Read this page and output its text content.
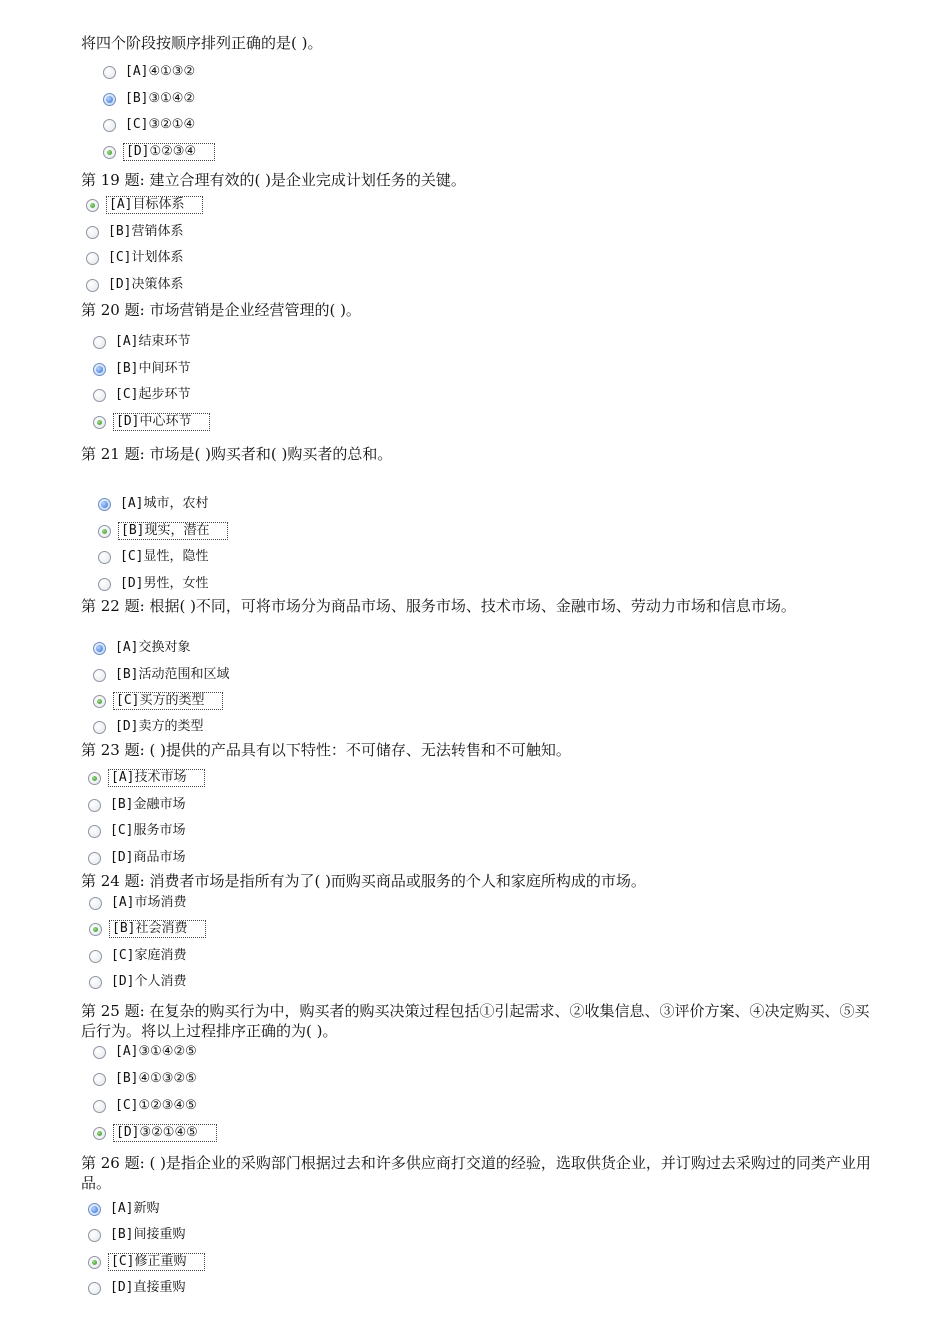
将四个阶段按顺序排列正确的是( )。
[A]④①③②
[B]③①④②
[C]③②①④
[D]①②③④
第 19 题: 建立合理有效的( )是企业完成计划任务的关键。
[A]目标体系
[B]营销体系
[C]计划体系
[D]决策体系
第 20 题: 市场营销是企业经营管理的( )。
[A]结束环节
[B]中间环节
[C]起步环节
[D]中心环节
第 21 题: 市场是( )购买者和( )购买者的总和。
[A]城市，农村
[B]现实，潜在
[C]显性，隐性
[D]男性，女性
第 22 题: 根据( )不同，可将市场分为商品市场、服务市场、技术市场、金融市场、劳动力市场和信息市场。
[A]交换对象
[B]活动范围和区域
[C]买方的类型
[D]卖方的类型
第 23 题: ( )提供的产品具有以下特性：不可储存、无法转售和不可触知。
[A]技术市场
[B]金融市场
[C]服务市场
[D]商品市场
第 24 题: 消费者市场是指所有为了( )而购买商品或服务的个人和家庭所构成的市场。
[A]市场消费
[B]社会消费
[C]家庭消费
[D]个人消费
第 25 题: 在复杂的购买行为中，购买者的购买决策过程包括①引起需求、②收集信息、③评价方案、④决定购买、⑤买后行为。将以上过程排序正确的为( )。
[A]③①④②⑤
[B]④①③②⑤
[C]①②③④⑤
[D]③②①④⑤
第 26 题: ( )是指企业的采购部门根据过去和许多供应商打交道的经验，选取供货企业，并订购过去采购过的同类产业用品。
[A]新购
[B]间接重购
[C]修正重购
[D]直接重购
